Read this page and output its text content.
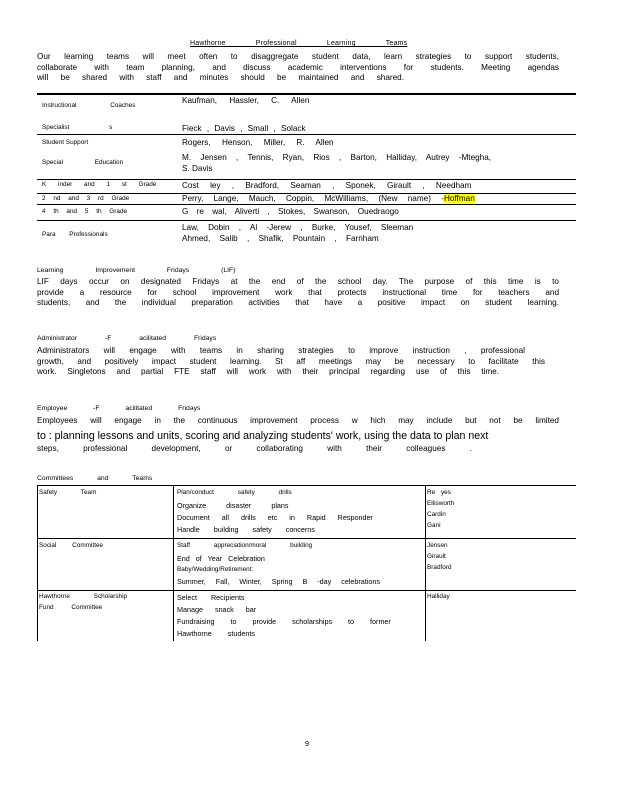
Hawthorne Professional Learning Teams
Our learning teams will meet often to disaggregate student data, learn strategies to support students,
collaborate with team planning, and discuss academic interventions for students. Meeting agendas
will be shared with staff and minutes should be maintained and shared.
Instructional Coaches
Specialist s
Student Support
Special Education
K inder and 1 st Grade
2 nd and 3 rd Grade
4 th and 5 th Grade
Para Professionals
Kaufman, Hassler, C. Allen
Fieck , Davis , Small , Solack
Rogers, Henson, Miller, R. Allen
M. Jensen , Tennis, Ryan, Rios , Barton, Halliday, Autrey -Mtegha,
S. Davis
Cost ley , Bradford, Seaman , Sponek, Girault , Needham
Perry, Lange, Mauch, Coppin, McWilliams, (New name) -Hoffman
G re wal, Aliverti , Stokes, Swanson, Ouedraogo
Law, Dobin , Al -Jerew , Burke, Yousef, Sleeman
Ahmed, Salib , Shafik, Pountain , Farnham
Learning Improvement Fridays (LIF)
LIF days occur on designated Fridays at the end of the school day. The purpose of this time is to
provide a resource for school improvement work that protects instructional time for teachers and
students, and the individual preparation activities that have a positive impact on student learning.
Administrator -F acilitated Fridays
Administrators will engage with teams in sharing strategies to improve instruction , professional
growth, and positively impact student learning. St aff meetings may be necessary to facilitate this
work. Singletons and partial FTE staff will work with their principal regarding use of this time.
Employee -F acilitated Fridays
Employees will engage in the continuous improvement process w hich may include but not be limited
to : planning lessons and units, scoring and analyzing students' work, using the data to plan next
steps, professional development, or collaborating with their colleagues .
Committees and Teams
Safety Team	Plan/conduct safety drills
Organize disaster plans
Document all drills etc in Rapid Responder
Handle building safety concerns
Re yes
Ellisworth
Cardin
Gani
Social Committee	Staff appreciation/moral building
End of Year Celebration
Baby/Wedding/Retirement:
Summer, Fall, Winter, Spring B -day celebrations
Jensen
Girault
Bradford
Hawthorne Scholarship
Fund Committee
Select Recipients
Manage snack bar
Fundraising to provide scholarships to former
Hawthorne students
Halliday
9
